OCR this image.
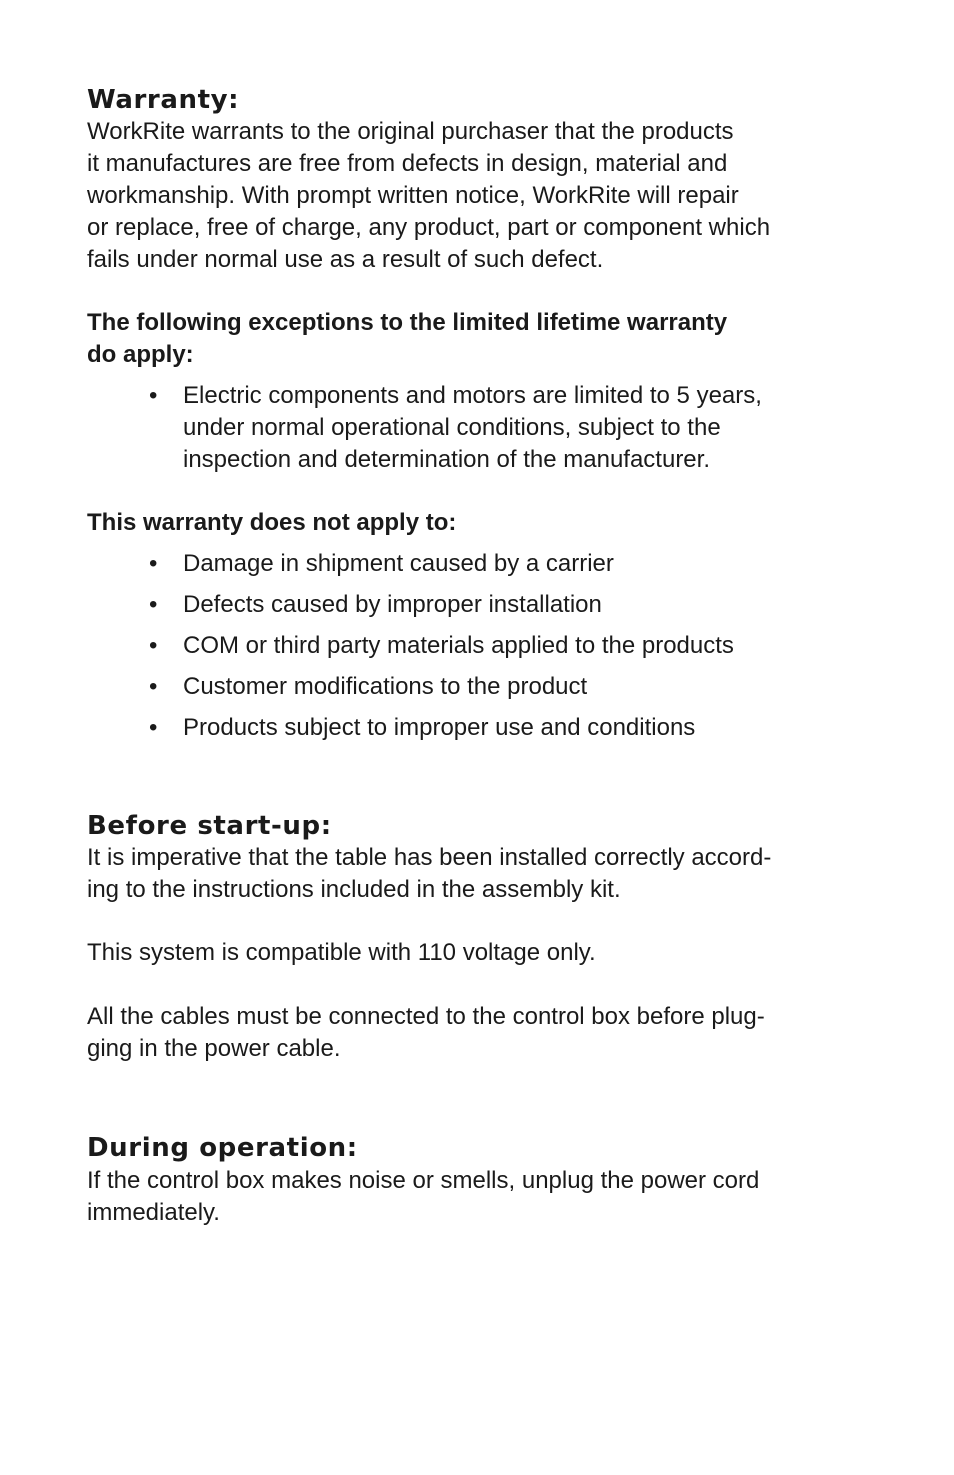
Warranty:

WorkRite warrants to the original purchaser that the products
it manufactures are free from defects in design, material and
workmanship. With prompt written notice, WorkRite will repair
or replace, free of charge, any product, part or component which
fails under normal use as a result of such defect.

The following exceptions to the limited lifetime warranty
do apply:

• Electric components and motors are limited to 5 years,
under normal operational conditions, subject to the
inspection and determination of the manufacturer.

This warranty does not apply to:

• Damage in shipment caused by a carrier
• Defects caused by improper installation
• COM or third party materials applied to the products
• Customer modifications to the product
• Products subject to improper use and conditions
Before start-up:

It is imperative that the table has been installed correctly accord-
ing to the instructions included in the assembly kit.

This system is compatible with 110 voltage only.

All the cables must be connected to the control box before plug-
ging in the power cable.

During operation:

If the control box makes noise or smells, unplug the power cord
immediately.
